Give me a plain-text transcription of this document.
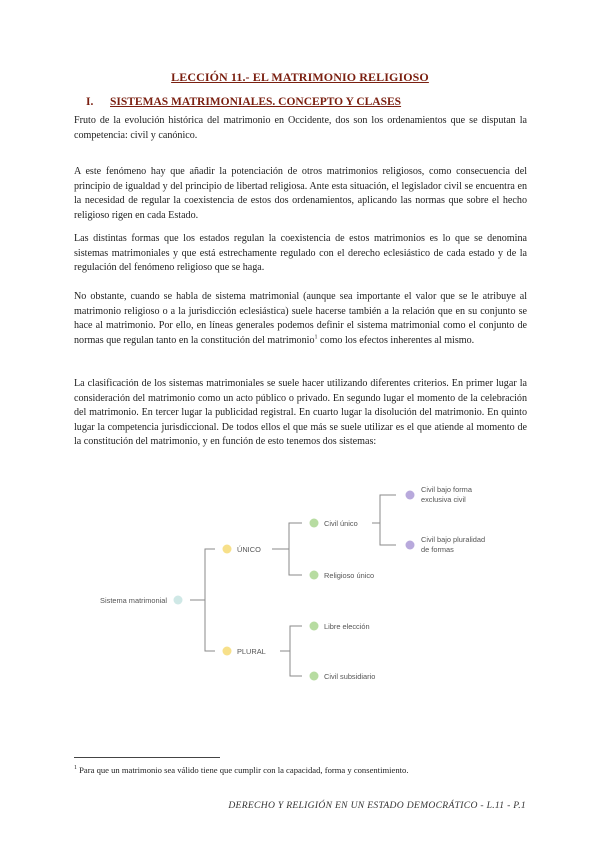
LECCIÓN 11.- EL MATRIMONIO RELIGIOSO
I. SISTEMAS MATRIMONIALES. CONCEPTO Y CLASES

Fruto de la evolución histórica del matrimonio en Occidente, dos son los ordenamientos que se disputan la competencia: civil y canónico.

A este fenómeno hay que añadir la potenciación de otros matrimonios religiosos, como consecuencia del principio de igualdad y del principio de libertad religiosa. Ante esta situación, el legislador civil se encuentra en la necesidad de regular la coexistencia de estos dos ordenamientos, aplicando las normas que sobre el hecho religioso rigen en cada Estado.

Las distintas formas que los estados regulan la coexistencia de estos matrimonios es lo que se denomina sistemas matrimoniales y que está estrechamente regulado con el derecho eclesiástico de cada estado y de la regulación del fenómeno religioso que se haga.

No obstante, cuando se habla de sistema matrimonial (aunque sea importante el valor que se le atribuye al matrimonio religioso o a la jurisdicción eclesiástica) suele hacerse también a la relación que en su conjunto se hace al matrimonio. Por ello, en líneas generales podemos definir el sistema matrimonial como el conjunto de normas que regulan tanto en la constitución del matrimonio$^1$ como los efectos inherentes al mismo.

La clasificación de los sistemas matrimoniales se suele hacer utilizando diferentes criterios. En primer lugar la consideración del matrimonio como un acto público o privado. En segundo lugar el momento de la celebración del matrimonio. En tercer lugar la publicidad registral. En cuarto lugar la disolución del matrimonio. En quinto lugar la competencia jurisdiccional. De todos ellos el que más se suele utilizar es el que atiende al momento de la constitución del matrimonio, y en función de esto tenemos dos sistemas:

Sistema matrimonial
ÚNICO
PLURAL
Civil único
Religioso único
Libre elección
Civil subsidiario
Civil bajo forma
exclusiva civil
Civil bajo pluralidad
de formas
$^1$ Para que un matrimonio sea válido tiene que cumplir con la capacidad, forma y consentimiento.
DERECHO Y RELIGIÓN EN UN ESTADO DEMOCRÁTICO - L.11 - P.1
